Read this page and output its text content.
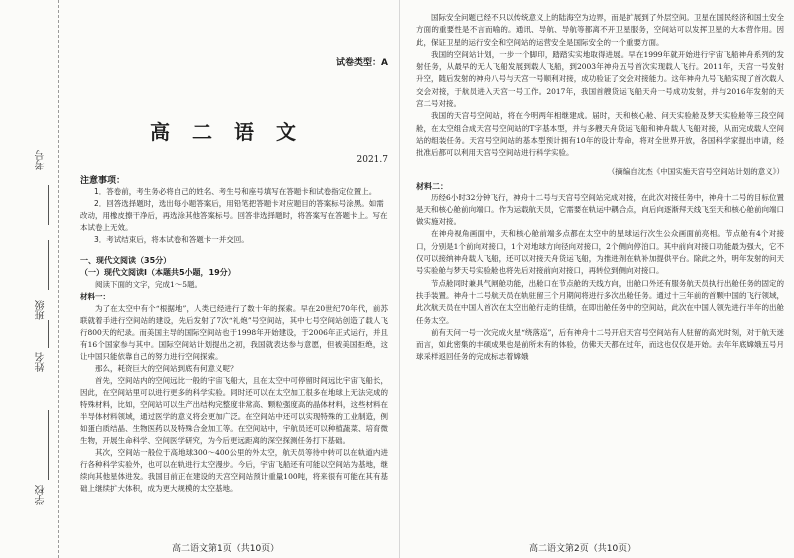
考号
班级
姓名
学校
试卷类型：A
高二语文
2021.7
注意事项：
1．答卷前，考生务必将自己的姓名、考生号和座号填写在答题卡和试卷指定位置上。
2．回答选择题时，选出每小题答案后，用铅笔把答题卡对应题目的答案标号涂黑。如需改动，用橡皮擦干净后，再选涂其他答案标号。回答非选择题时，将答案写在答题卡上。写在本试卷上无效。
3．考试结束后，将本试卷和答题卡一并交回。
一、现代文阅读（35分）
（一）现代文阅读Ⅰ（本题共5小题，19分）
阅读下面的文字，完成1～5题。
材料一：

为了在太空中有个“根据地”，人类已经进行了数十年的探索。早在20世纪70年代，前苏联就着手进行空间站的建设，先后发射了7次“礼炮”号空间站，其中七号空间站创造了载人飞行800天的纪录。而美国主导的国际空间站也于1998年开始建设，于2006年正式运行，并且有16个国家参与其中。国际空间站计划提出之初，我国就表达参与意愿，但被美国拒绝，这让中国只能依靠自己的努力进行空间探索。

那么，耗资巨大的空间站到底有何意义呢？

首先，空间站内的空间远比一般的宇宙飞船大，且在太空中可停留时间远比宇宙飞船长，因此，在空间站里可以进行更多的科学实验。同时还可以在太空加工很多在地球上无法完成的特殊材料，比如，空间站可以生产出结构完整度非常高、颗粒强度高的晶体材料，这些材料在半导体材料领域，通过医学的意义将会更加广泛。在空间站中还可以实现特殊的工业制造，例如蛋白质结晶、生物医药以及特殊合金加工等。在空间站中，宇航员还可以种植蔬菜、培育微生物，开展生命科学、空间医学研究，为今后更远距离的深空探测任务打下基础。

其次，空间站一般位于高地球300～400公里的外太空，航天员等待中转可以在轨道内进行各种科学实验外，也可以在轨进行太空漫步。今后，宇宙飞船还有可能以空间站为基地，继续向其他星体进发。我国目前正在建设的天宫空间站预计重量100吨，将来很有可能在其有基础上继续扩大体积，成为更大规模的太空基地。

高二语文第1页（共10页）

国际安全问题已经不只以传统意义上的陆海空为边界，而是扩展到了外层空间。卫星在国民经济和国土安全方面的重要性是不言而喻的。通讯、导航、导航等都离不开卫星服务，空间站可以发挥卫星的大本营作用。因此，保证卫星的运行安全和空间站的运营安全是国际安全的一个重要方面。

我国的空间站计划，一步一个脚印，踏踏实实地取得进展。早在1999年就开始进行宇宙飞船神舟系列的发射任务，从最早的无人飞船发展到载人飞船，到2003年神舟五号首次实现载人飞行。2011年，天宫一号发射升空，随后发射的神舟八号与天宫一号顺利对接，成功验证了交会对接能力。这年神舟九号飞船实现了首次载人交会对接，于航员进入天宫一号工作。2017年，我国首艘货运飞船天舟一号成功发射，并与2016年发射的天宫二号对接。

我国的天宫号空间站，将在今明两年相继建成。届时，天和核心舱、问天实验舱及梦天实验舱等三段空间舱，在太空组合成天宫号空间站的T字基本型，并与多艘天舟货运飞船和神舟载人飞船对接，从而完成载人空间站的组装任务。天宫号空间站的基本型预计拥有10年的设计寿命，将对全世界开放，各国科学家提出申请，经批准后都可以利用天宫号空间站进行科学实验。

（摘编自沈杰《中国实施天宫号空间站计划的意义》）

材料二：

历经6小时32分钟飞行，神舟十二号与天宫号空间站完成对接，在此次对接任务中，神舟十二号的目标位置是天和核心舱前向端口。作为运载航天员，它需要在轨运中耦合点，向后向逐渐拜天线飞至天和核心舱前向端口做实施对接。

在神舟视角画面中，天和核心舱前端多点都在太空中的星球运行次生公众画面前亮相。节点舱有4个对接口，分别是1个前向对接口，1个对地球方向径向对接口，2个侧向停泊口。其中前向对接口功能最为强大，它不仅可以接纳神舟载人飞船，还可以对接天舟货运飞船，为推进剂在轨补加提供平台。除此之外，明年发射的问天号实验舱与梦天号实验舱也将先后对接前向对接口，再转位到侧向对接口。

节点舱同时兼具气闸舱功能，出舱口在节点舱的天线方向，出舱口外还有服务航天员执行出舱任务的固定的扶手装置。神舟十二号航天员在轨驻留三个月期间将进行多次出舱任务。通过十三年前的首颗中国的飞行领域，此次航天员在中国人首次在太空出舱行走的佳绩，在即出舱任务中的空间站，此次在中国人领先进行半年的出舱任务太空。

前有天问一号一次完成火星“绕落巡”，后有神舟十二号开启天宫号空间站有人驻留的高光时刻，对于航天迷而言，如此密集的丰硕成果也是前所未有的体验，仿佛天天都在过年，而这也仅仅是开始。去年年底嫦娥五号月球采样返回任务的完成标志着嫦娥

高二语文第2页（共10页）
